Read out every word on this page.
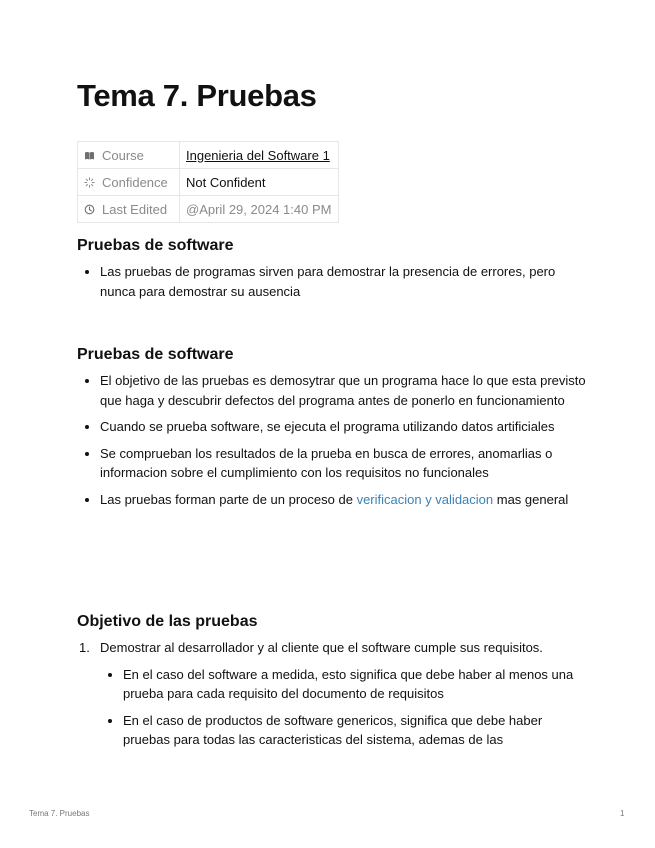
Tema 7. Pruebas
Course	Ingenieria del Software 1

Confidence	Not Confident

Last Edited	@April 29, 2024 1:40 PM
Pruebas de software
Las pruebas de programas sirven para demostrar la presencia de errores, pero nunca para demostrar su ausencia
Pruebas de software
El objetivo de las pruebas es demosytrar que un programa hace lo que esta previsto que haga y descubrir defectos del programa antes de ponerlo en funcionamiento
Cuando se prueba software, se ejecuta el programa utilizando datos artificiales
Se comprueban los resultados de la prueba en busca de errores, anomarlias o informacion sobre el cumplimiento con los requisitos no funcionales
Las pruebas forman parte de un proceso de verificacion y validacion mas general
Objetivo de las pruebas
1. Demostrar al desarrollador y al cliente que el software cumple sus requisitos.
En el caso del software a medida, esto significa que debe haber al menos una prueba para cada requisito del documento de requisitos
En el caso de productos de software genericos, significa que debe haber pruebas para todas las caracteristicas del sistema, ademas de las
Tema 7. Pruebas	1
